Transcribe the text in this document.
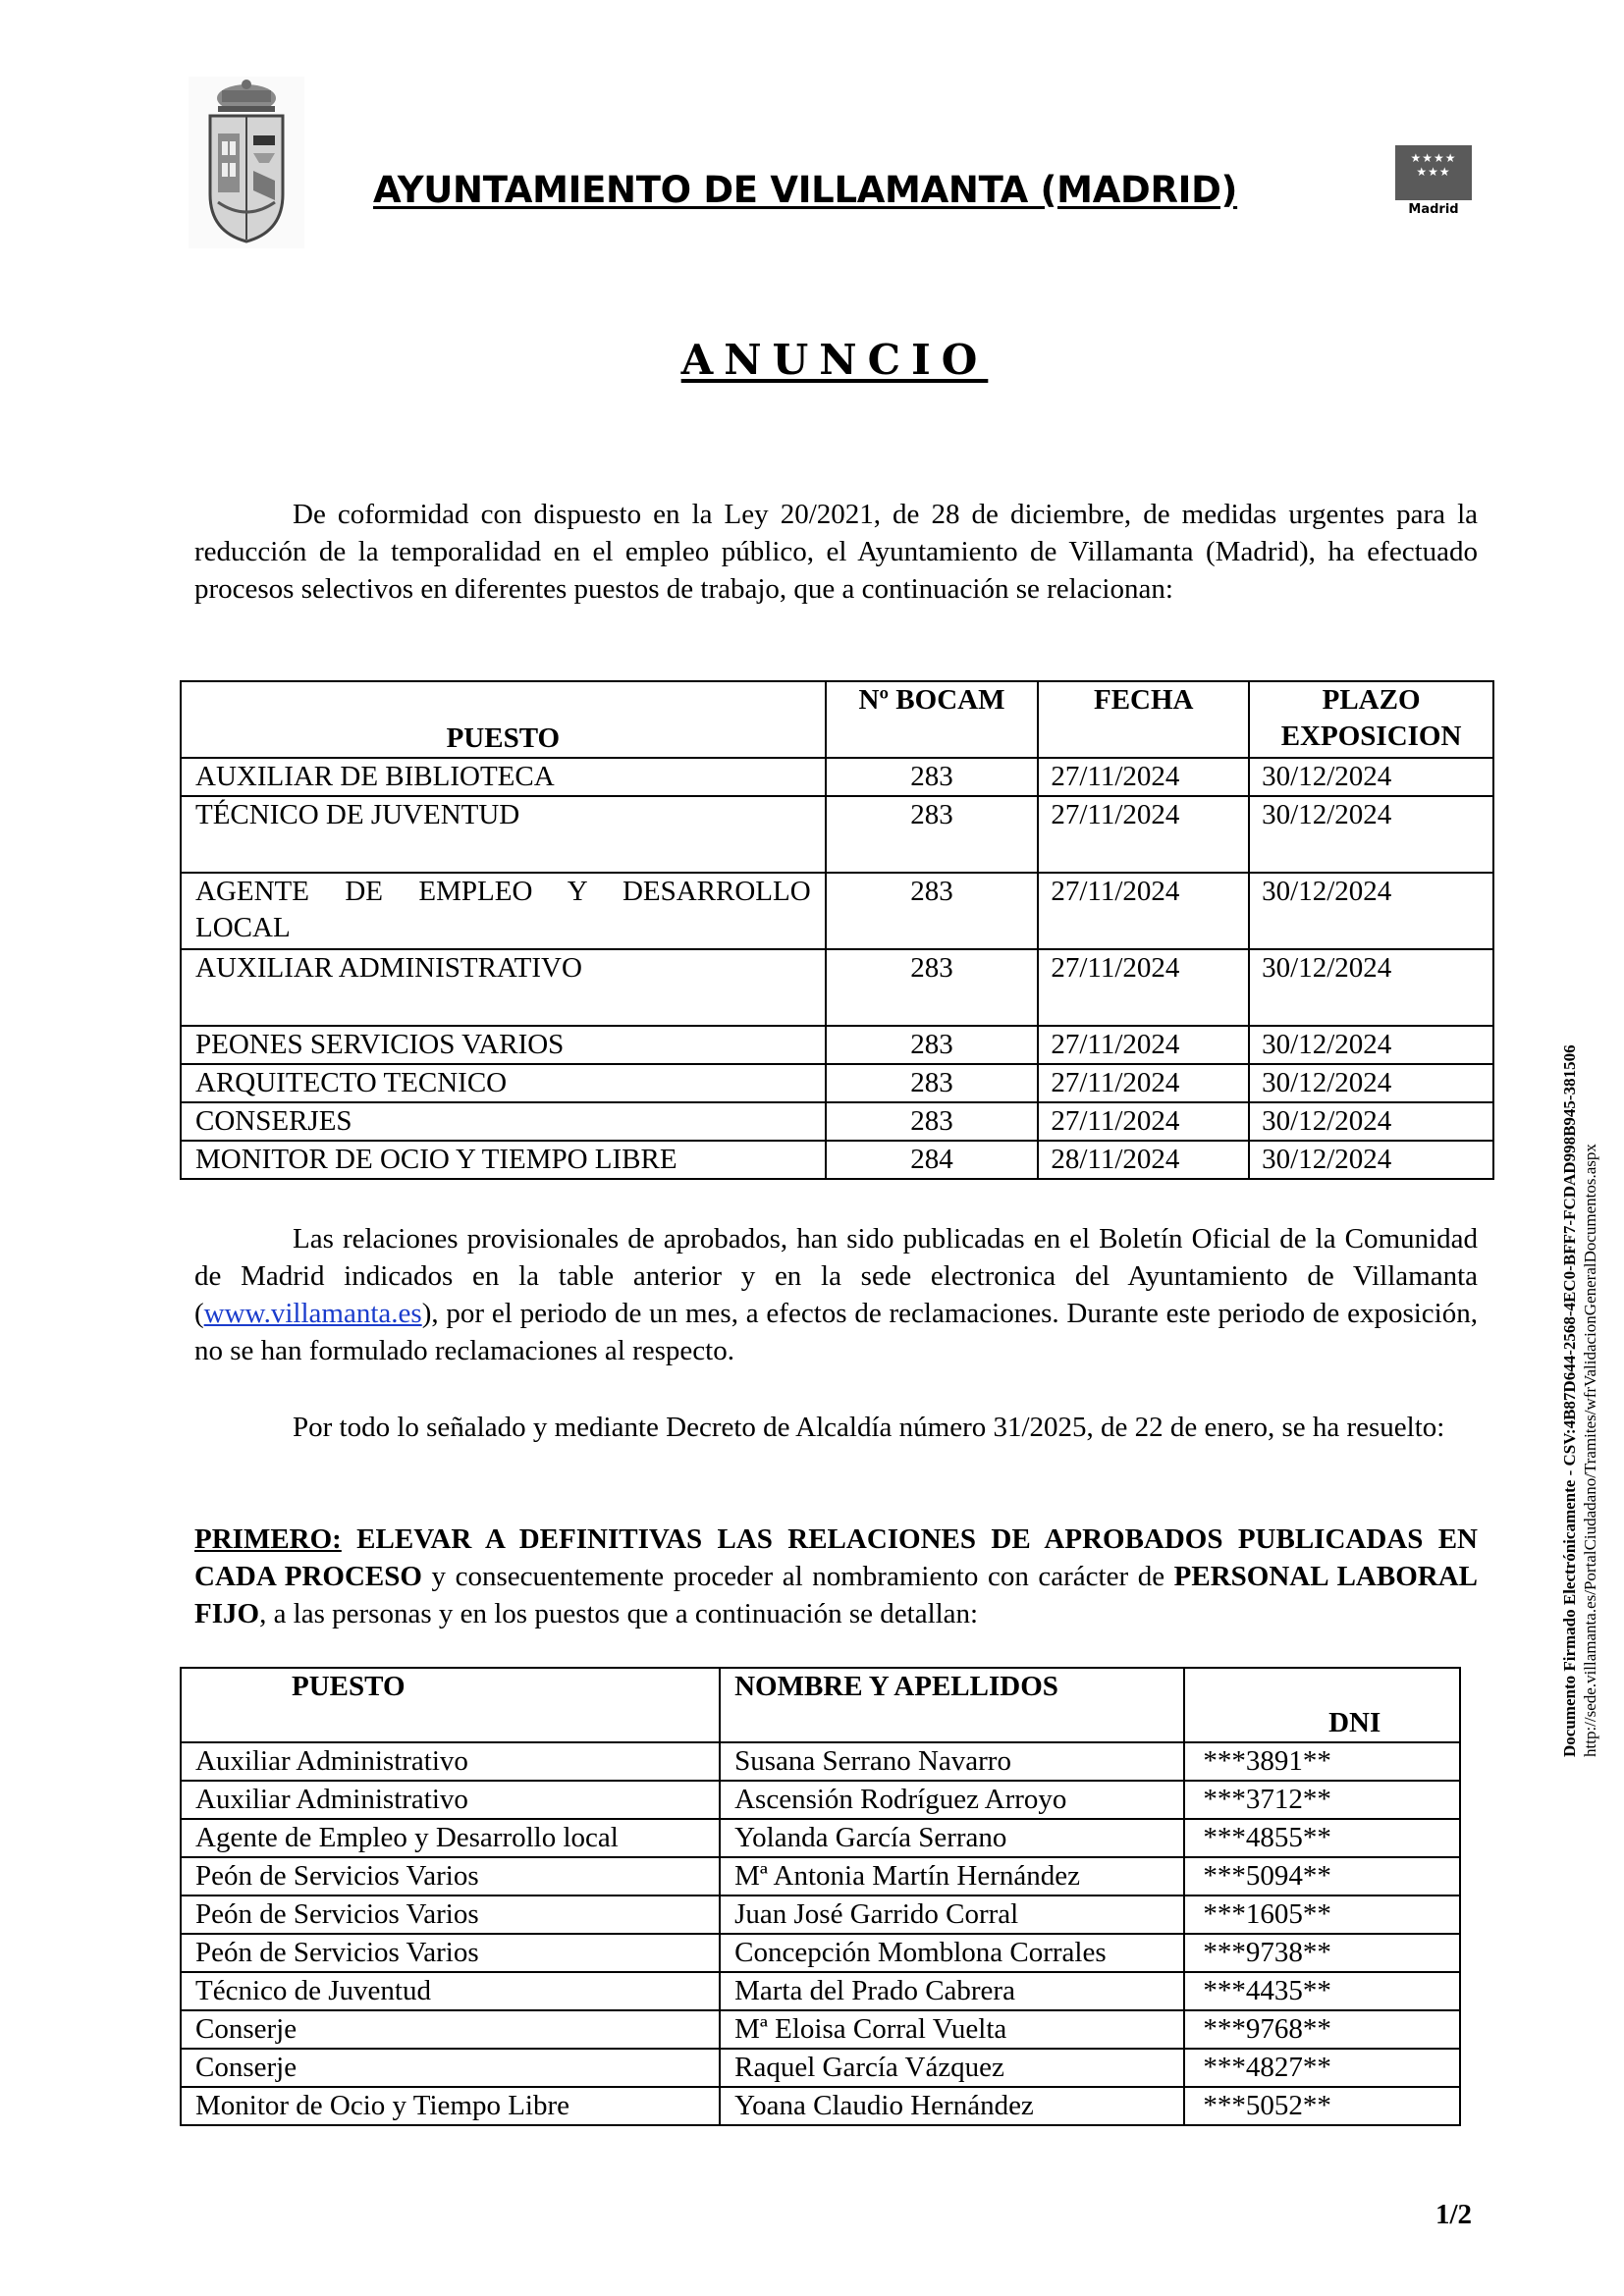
AYUNTAMIENTO DE VILLAMANTA (MADRID)
★★★★
★★★
Madrid
ANUNCIO
De coformidad con dispuesto en la Ley 20/2021, de 28 de diciembre, de medidas urgentes para la reducción de la temporalidad en el empleo público, el Ayuntamiento de Villamanta (Madrid), ha efectuado procesos selectivos en diferentes puestos de trabajo, que a continuación se relacionan:
PUESTO	Nº BOCAM	FECHA	PLAZO EXPOSICION
AUXILIAR DE BIBLIOTECA	283	27/11/2024	30/12/2024
TÉCNICO DE JUVENTUD	283	27/11/2024	30/12/2024
AGENTE DE EMPLEO Y DESARROLLO LOCAL	283	27/11/2024	30/12/2024
AUXILIAR ADMINISTRATIVO	283	27/11/2024	30/12/2024
PEONES SERVICIOS VARIOS	283	27/11/2024	30/12/2024
ARQUITECTO TECNICO	283	27/11/2024	30/12/2024
CONSERJES	283	27/11/2024	30/12/2024
MONITOR DE OCIO Y TIEMPO LIBRE	284	28/11/2024	30/12/2024
Las relaciones provisionales de aprobados, han sido publicadas en el Boletín Oficial de la Comunidad de Madrid indicados en la table anterior y en la sede electronica del Ayuntamiento de Villamanta (www.villamanta.es), por el periodo de un mes, a efectos de reclamaciones. Durante este periodo de exposición, no se han formulado reclamaciones al respecto.
Por todo lo señalado y mediante Decreto de Alcaldía número 31/2025, de 22 de enero, se ha resuelto:
PRIMERO: ELEVAR A DEFINITIVAS LAS RELACIONES DE APROBADOS PUBLICADAS EN CADA PROCESO y consecuentemente proceder al nombramiento con carácter de PERSONAL LABORAL FIJO, a las personas y en los puestos que a continuación se detallan:
PUESTO	NOMBRE Y APELLIDOS	DNI
Auxiliar Administrativo	Susana Serrano Navarro	***3891**
Auxiliar Administrativo	Ascensión Rodríguez Arroyo	***3712**
Agente de Empleo y Desarrollo local	Yolanda García Serrano	***4855**
Peón de Servicios Varios	Mª Antonia Martín Hernández	***5094**
Peón de Servicios Varios	Juan José Garrido Corral	***1605**
Peón de Servicios Varios	Concepción Momblona Corrales	***9738**
Técnico de Juventud	Marta del Prado Cabrera	***4435**
Conserje	Mª Eloisa Corral Vuelta	***9768**
Conserje	Raquel García Vázquez	***4827**
Monitor de Ocio y Tiempo Libre	Yoana Claudio Hernández	***5052**
Documento Firmado Electrónicamente - CSV:4B87D644-2568-4EC0-BFF7-FCDAD998B945-381506 http://sede.villamanta.es/PortalCiudadano/Tramites/wfrValidacionGeneralDocumentos.aspx
1/2
